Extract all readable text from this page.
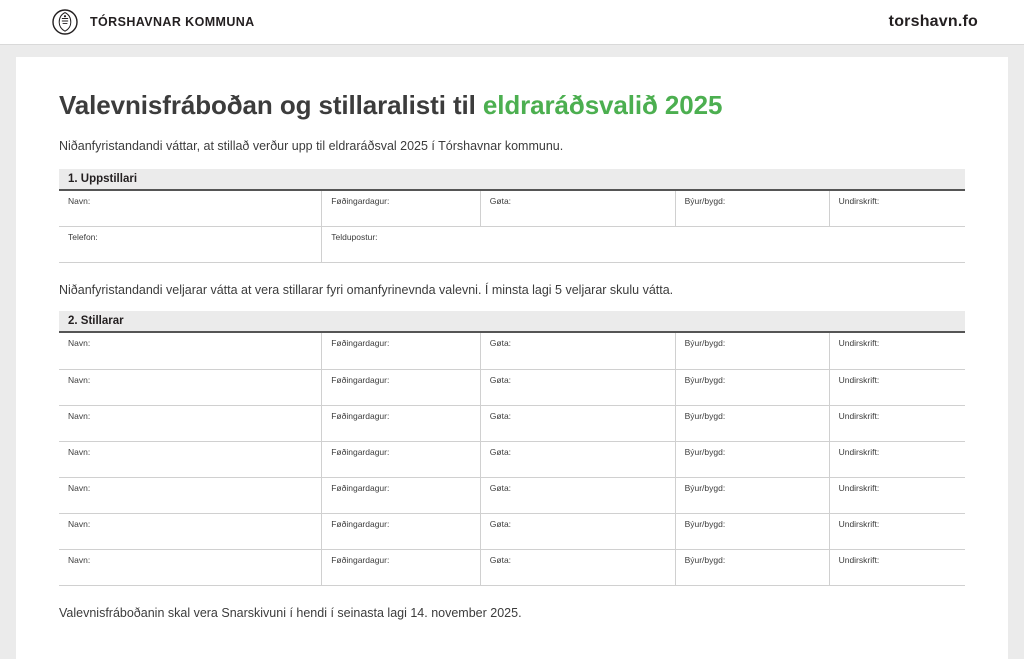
TÓRSHAVNAR KOMMUNA	torshavn.fo
Valevnisfráboðan og stillaralisti til eldraráðsvalið 2025

Niðanfyristandandi váttar, at stillað verður upp til eldraráðsval 2025 í Tórshavnar kommunu.

1. Uppstillari
Navn:	Føðingardagur:	Gøta:	Býur/bygd:	Undirskrift:
Telefon:	Teldupostur:			

Niðanfyristandandi veljarar vátta at vera stillarar fyri omanfyrinevnda valevni. Í minsta lagi 5 veljarar skulu vátta.

2. Stillarar
Navn:	Føðingardagur:	Gøta:	Býur/bygd:	Undirskrift:
Navn:	Føðingardagur:	Gøta:	Býur/bygd:	Undirskrift:
Navn:	Føðingardagur:	Gøta:	Býur/bygd:	Undirskrift:
Navn:	Føðingardagur:	Gøta:	Býur/bygd:	Undirskrift:
Navn:	Føðingardagur:	Gøta:	Býur/bygd:	Undirskrift:
Navn:	Føðingardagur:	Gøta:	Býur/bygd:	Undirskrift:
Navn:	Føðingardagur:	Gøta:	Býur/bygd:	Undirskrift:

Valevnisfráboðanin skal vera Snarskivuni í hendi í seinasta lagi 14. november 2025.
